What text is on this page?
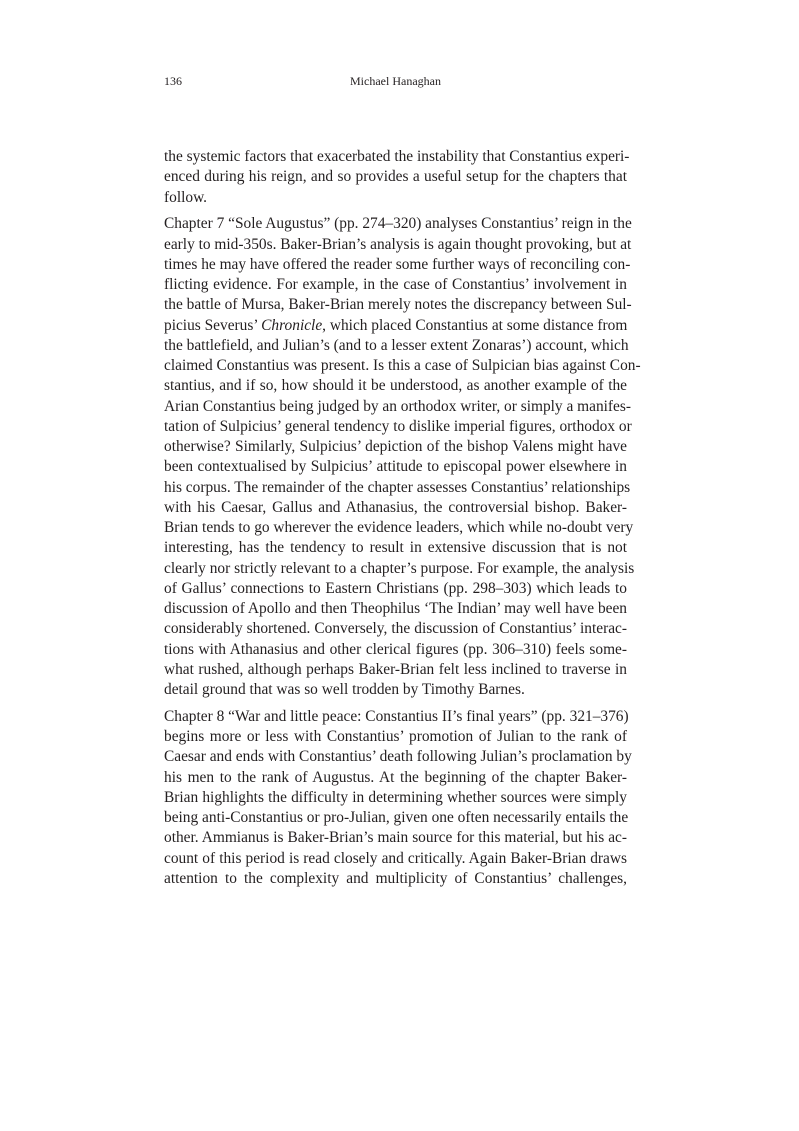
136	Michael Hanaghan
the systemic factors that exacerbated the instability that Constantius experi-
enced during his reign, and so provides a useful setup for the chapters that
follow.
Chapter 7 “Sole Augustus” (pp. 274–320) analyses Constantius’ reign in the
early to mid-350s. Baker-Brian’s analysis is again thought provoking, but at
times he may have offered the reader some further ways of reconciling con-
flicting evidence. For example, in the case of Constantius’ involvement in
the battle of Mursa, Baker-Brian merely notes the discrepancy between Sul-
picius Severus’ Chronicle, which placed Constantius at some distance from
the battlefield, and Julian’s (and to a lesser extent Zonaras’) account, which
claimed Constantius was present. Is this a case of Sulpician bias against Con-
stantius, and if so, how should it be understood, as another example of the
Arian Constantius being judged by an orthodox writer, or simply a manifes-
tation of Sulpicius’ general tendency to dislike imperial figures, orthodox or
otherwise? Similarly, Sulpicius’ depiction of the bishop Valens might have
been contextualised by Sulpicius’ attitude to episcopal power elsewhere in
his corpus. The remainder of the chapter assesses Constantius’ relationships
with his Caesar, Gallus and Athanasius, the controversial bishop. Baker-
Brian tends to go wherever the evidence leaders, which while no-doubt very
interesting, has the tendency to result in extensive discussion that is not
clearly nor strictly relevant to a chapter’s purpose. For example, the analysis
of Gallus’ connections to Eastern Christians (pp. 298–303) which leads to
discussion of Apollo and then Theophilus ‘The Indian’ may well have been
considerably shortened. Conversely, the discussion of Constantius’ interac-
tions with Athanasius and other clerical figures (pp. 306–310) feels some-
what rushed, although perhaps Baker-Brian felt less inclined to traverse in
detail ground that was so well trodden by Timothy Barnes.
Chapter 8 “War and little peace: Constantius II’s final years” (pp. 321–376)
begins more or less with Constantius’ promotion of Julian to the rank of
Caesar and ends with Constantius’ death following Julian’s proclamation by
his men to the rank of Augustus. At the beginning of the chapter Baker-
Brian highlights the difficulty in determining whether sources were simply
being anti-Constantius or pro-Julian, given one often necessarily entails the
other. Ammianus is Baker-Brian’s main source for this material, but his ac-
count of this period is read closely and critically. Again Baker-Brian draws
attention to the complexity and multiplicity of Constantius’ challenges,
